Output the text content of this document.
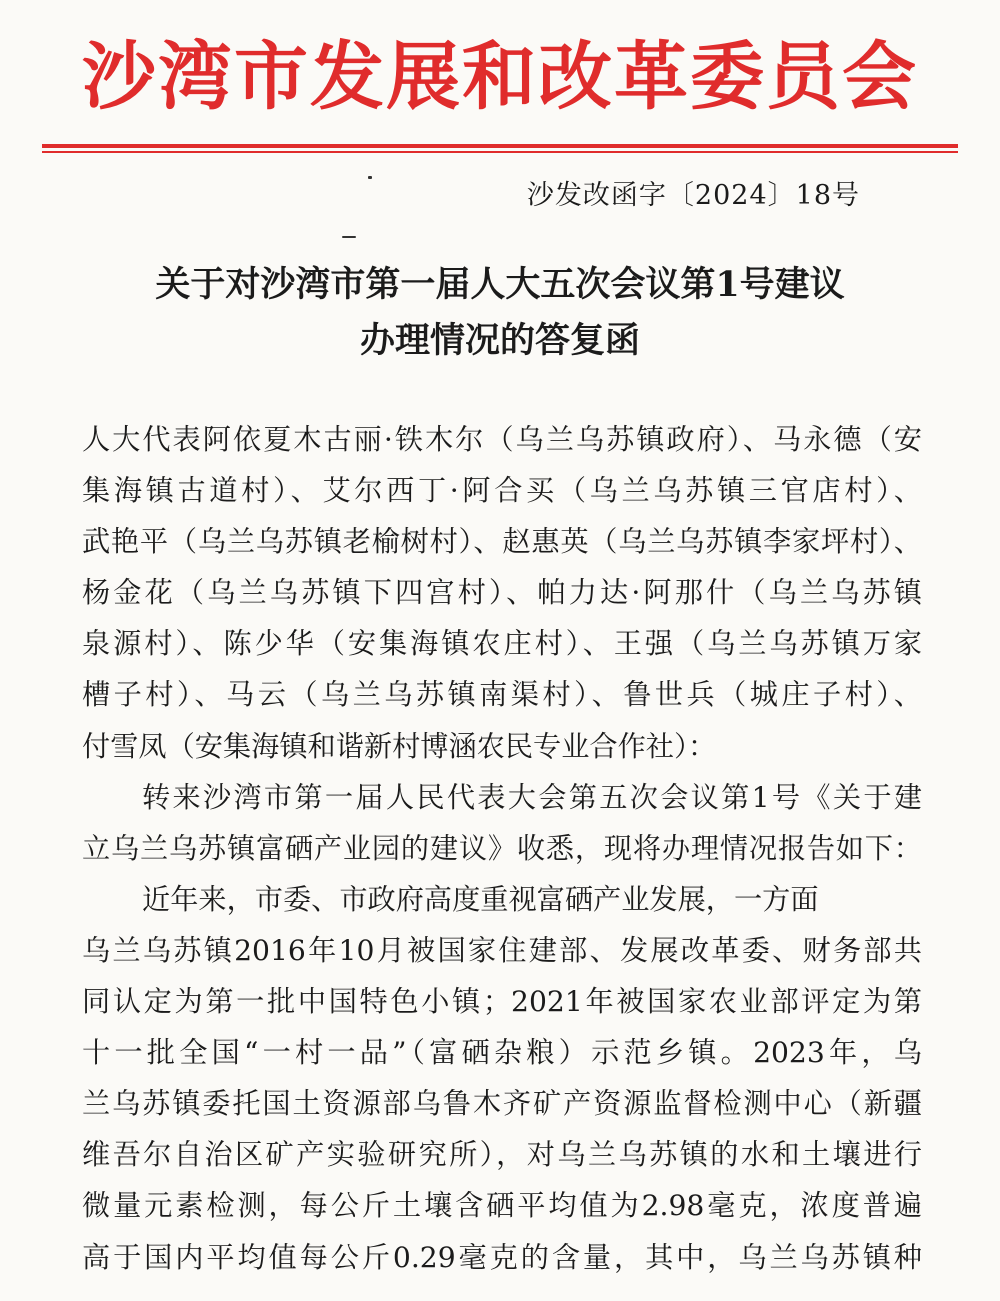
沙湾市发展和改革委员会
沙发改函字〔2024〕18号
关于对沙湾市第一届人大五次会议第1号建议
办理情况的答复函
人大代表阿依夏木古丽·铁木尔（乌兰乌苏镇政府）、马永德（安
集海镇古道村）、艾尔西丁·阿合买（乌兰乌苏镇三官店村）、
武艳平（乌兰乌苏镇老榆树村）、赵惠英（乌兰乌苏镇李家坪村）、
杨金花（乌兰乌苏镇下四宫村）、帕力达·阿那什（乌兰乌苏镇
泉源村）、陈少华（安集海镇农庄村）、王强（乌兰乌苏镇万家
槽子村）、马云（乌兰乌苏镇南渠村）、鲁世兵（城庄子村）、
付雪凤（安集海镇和谐新村博涵农民专业合作社）：
转来沙湾市第一届人民代表大会第五次会议第1号《关于建
立乌兰乌苏镇富硒产业园的建议》收悉，现将办理情况报告如下：
近年来，市委、市政府高度重视富硒产业发展，一方面
乌兰乌苏镇2016年10月被国家住建部、发展改革委、财务部共
同认定为第一批中国特色小镇；2021年被国家农业部评定为第
十一批全国“一村一品”（富硒杂粮）示范乡镇。2023年，乌
兰乌苏镇委托国土资源部乌鲁木齐矿产资源监督检测中心（新疆
维吾尔自治区矿产实验研究所），对乌兰乌苏镇的水和土壤进行
微量元素检测，每公斤土壤含硒平均值为2.98毫克，浓度普遍
高于国内平均值每公斤0.29毫克的含量，其中，乌兰乌苏镇种
